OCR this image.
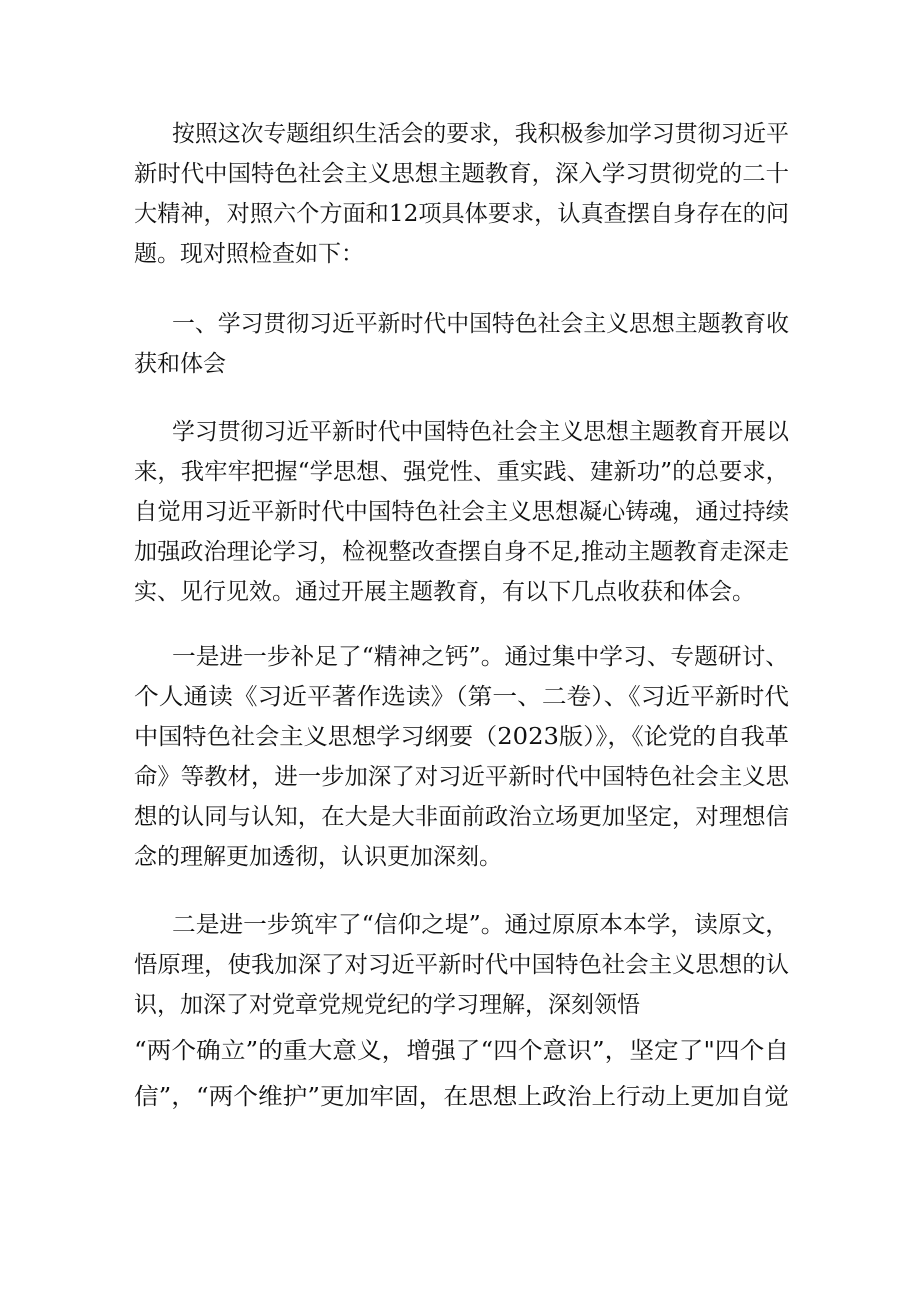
按照这次专题组织生活会的要求，我积极参加学习贯彻习近平
新时代中国特色社会主义思想主题教育，深入学习贯彻党的二十
大精神，对照六个方面和12项具体要求，认真查摆自身存在的问
题。现对照检查如下：
一、学习贯彻习近平新时代中国特色社会主义思想主题教育收
获和体会
学习贯彻习近平新时代中国特色社会主义思想主题教育开展以
来，我牢牢把握“学思想、强党性、重实践、建新功”的总要求，
自觉用习近平新时代中国特色社会主义思想凝心铸魂，通过持续
加强政治理论学习，检视整改查摆自身不足,推动主题教育走深走
实、见行见效。通过开展主题教育，有以下几点收获和体会。
一是进一步补足了“精神之钙”。通过集中学习、专题研讨、
个人通读《习近平著作选读》（第一、二卷）、《习近平新时代
中国特色社会主义思想学习纲要（2023版）》，《论党的自我革
命》等教材，进一步加深了对习近平新时代中国特色社会主义思
想的认同与认知，在大是大非面前政治立场更加坚定，对理想信
念的理解更加透彻，认识更加深刻。
二是进一步筑牢了“信仰之堤”。通过原原本本学，读原文，
悟原理，使我加深了对习近平新时代中国特色社会主义思想的认
识，加深了对党章党规党纪的学习理解，深刻领悟
“两个确立”的重大意义，增强了“四个意识”，坚定了"四个自
信”，“两个维护”更加牢固，在思想上政治上行动上更加自觉
